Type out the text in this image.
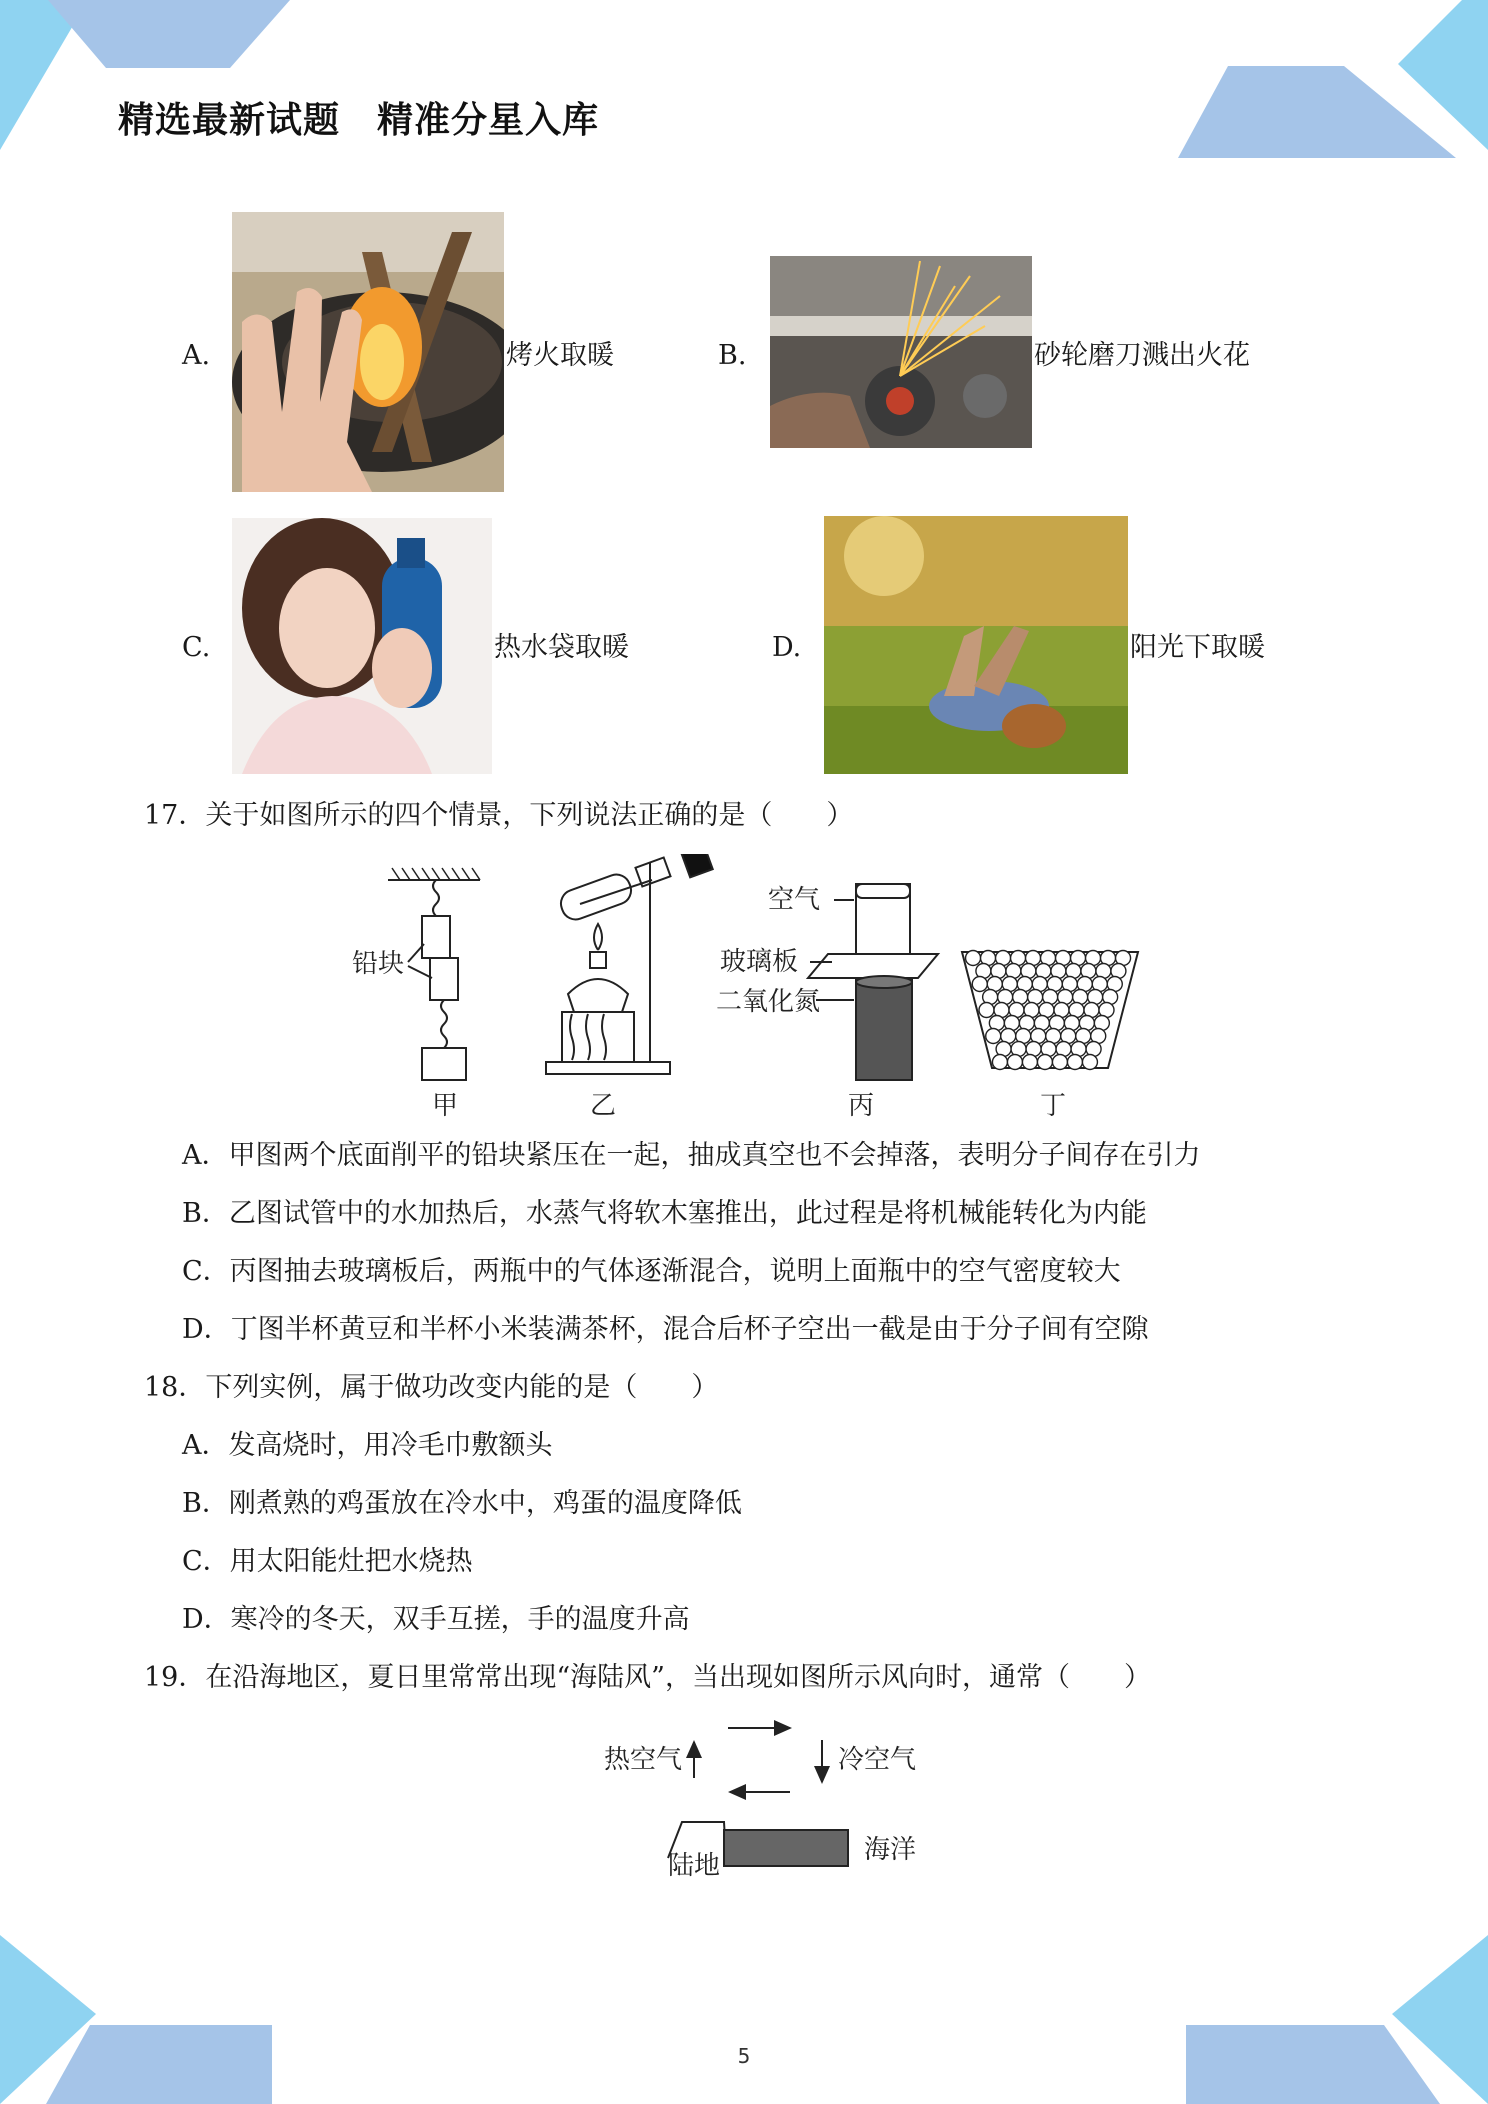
精选最新试题　精准分星入库
A.	烤火取暖	B.	砂轮磨刀溅出火花
C.	热水袋取暖	D.	阳光下取暖
17．关于如图所示的四个情景，下列说法正确的是（　　）
铅块
甲	乙
空气
玻璃板
二氧化氮
丙	丁
A．甲图两个底面削平的铅块紧压在一起，抽成真空也不会掉落，表明分子间存在引力
B．乙图试管中的水加热后，水蒸气将软木塞推出，此过程是将机械能转化为内能
C．丙图抽去玻璃板后，两瓶中的气体逐渐混合，说明上面瓶中的空气密度较大
D．丁图半杯黄豆和半杯小米装满茶杯，混合后杯子空出一截是由于分子间有空隙
18．下列实例，属于做功改变内能的是（　　）
A．发高烧时，用冷毛巾敷额头
B．刚煮熟的鸡蛋放在冷水中，鸡蛋的温度降低
C．用太阳能灶把水烧热
D．寒冷的冬天，双手互搓，手的温度升高
19．在沿海地区，夏日里常常出现“海陆风”，当出现如图所示风向时，通常（　　）
热空气	冷空气
陆地
海洋
5
